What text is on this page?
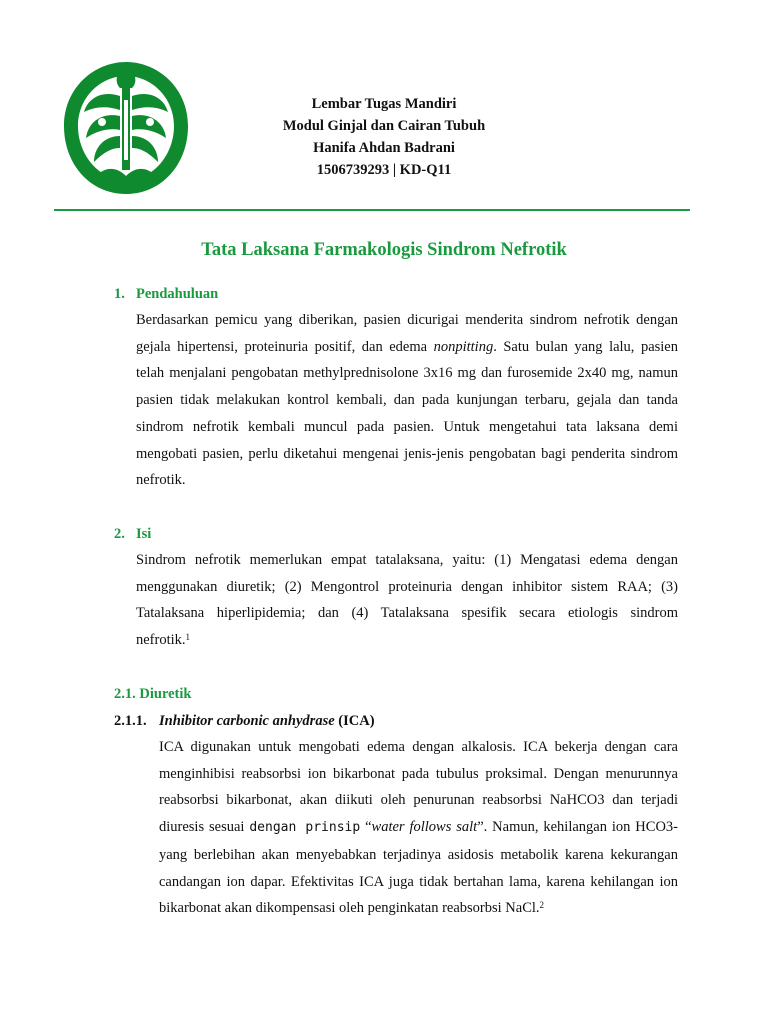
Lembar Tugas Mandiri
Modul Ginjal dan Cairan Tubuh
Hanifa Ahdan Badrani
1506739293 | KD-Q11
Tata Laksana Farmakologis Sindrom Nefrotik
1. Pendahuluan
Berdasarkan pemicu yang diberikan, pasien dicurigai menderita sindrom nefrotik dengan
gejala hipertensi, proteinuria positif, dan edema nonpitting. Satu bulan yang lalu, pasien
telah menjalani pengobatan methylprednisolone 3x16 mg dan furosemide 2x40 mg, namun
pasien tidak melakukan kontrol kembali, dan pada kunjungan terbaru, gejala dan tanda
sindrom nefrotik kembali muncul pada pasien. Untuk mengetahui tata laksana demi
mengobati pasien, perlu diketahui mengenai jenis-jenis pengobatan bagi penderita sindrom
nefrotik.
2. Isi
Sindrom nefrotik memerlukan empat tatalaksana, yaitu: (1) Mengatasi edema dengan
menggunakan diuretik; (2) Mengontrol proteinuria dengan inhibitor sistem RAA; (3)
Tatalaksana hiperlipidemia; dan (4) Tatalaksana spesifik secara etiologis sindrom
nefrotik.$^1$
2.1. Diuretik
2.1.1. Inhibitor carbonic anhydrase (ICA)
ICA digunakan untuk mengobati edema dengan alkalosis. ICA bekerja dengan cara
menginhibisi reabsorbsi ion bikarbonat pada tubulus proksimal. Dengan menurunnya
reabsorbsi bikarbonat, akan diikuti oleh penurunan reabsorbsi NaHCO3 dan terjadi
diuresis sesuai dengan prinsip “water follows salt”. Namun, kehilangan ion HCO3-
yang berlebihan akan menyebabkan terjadinya asidosis metabolik karena kekurangan
candangan ion dapar. Efektivitas ICA juga tidak bertahan lama, karena kehilangan ion
bikarbonat akan dikompensasi oleh penginkatan reabsorbsi NaCl.$^2$
